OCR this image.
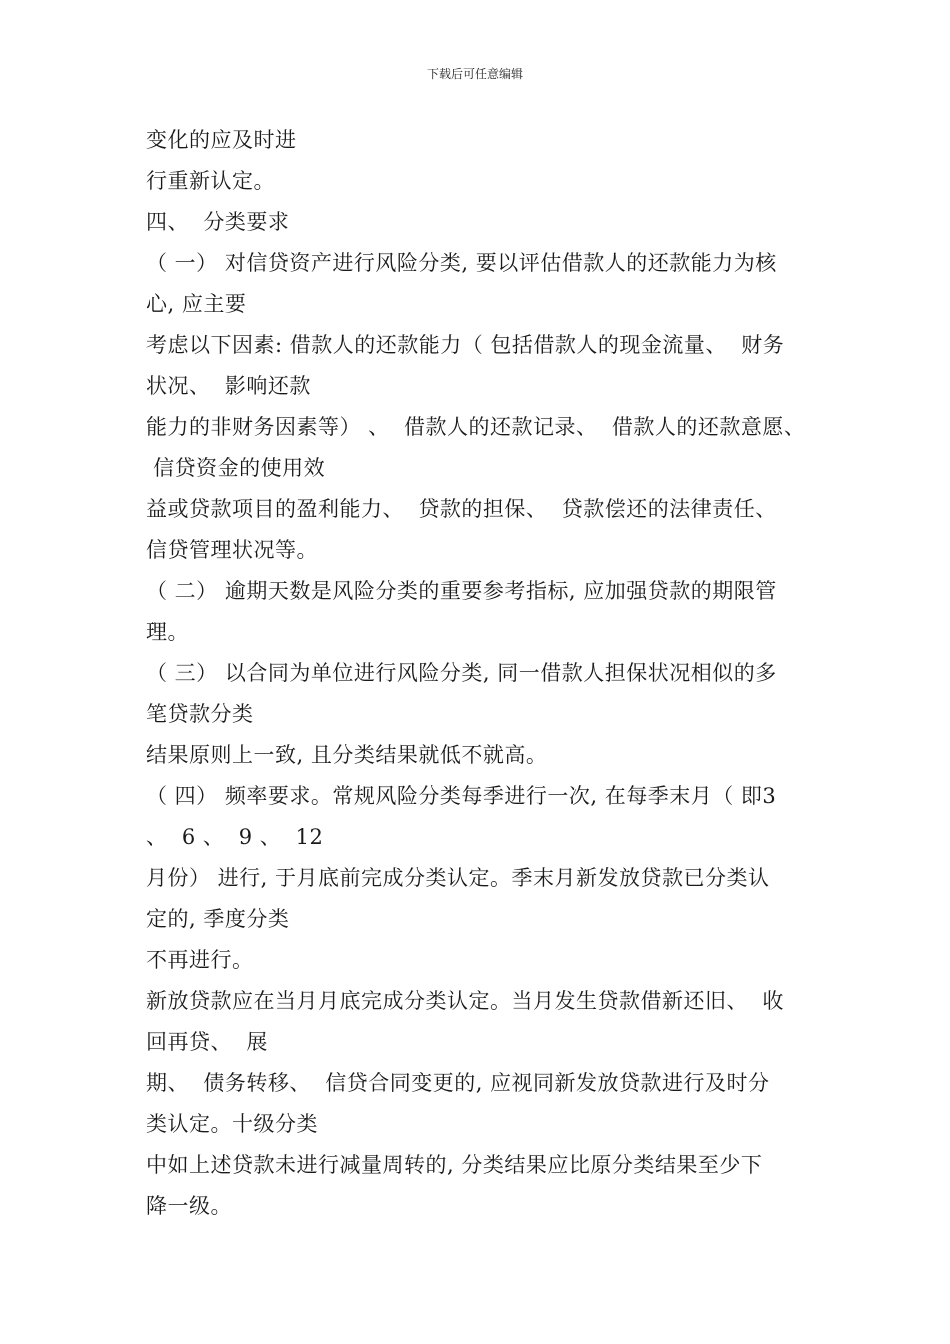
下载后可任意编辑
变化的应及时进
行重新认定。
四、  分类要求
（ 一） 对信贷资产进行风险分类, 要以评估借款人的还款能力为核
心, 应主要
考虑以下因素: 借款人的还款能力（ 包括借款人的现金流量、  财务
状况、  影响还款
能力的非财务因素等） 、  借款人的还款记录、  借款人的还款意愿、
信贷资金的使用效
益或贷款项目的盈利能力、  贷款的担保、  贷款偿还的法律责任、
信贷管理状况等。
（ 二） 逾期天数是风险分类的重要参考指标, 应加强贷款的期限管
理。
（ 三） 以合同为单位进行风险分类, 同一借款人担保状况相似的多
笔贷款分类
结果原则上一致, 且分类结果就低不就高。
（ 四） 频率要求。常规风险分类每季进行一次, 在每季末月（ 即3
、  6 、  9 、  12
月份） 进行, 于月底前完成分类认定。季末月新发放贷款已分类认
定的, 季度分类
不再进行。
新放贷款应在当月月底完成分类认定。当月发生贷款借新还旧、  收
回再贷、  展
期、  债务转移、  信贷合同变更的, 应视同新发放贷款进行及时分
类认定。十级分类
中如上述贷款未进行减量周转的, 分类结果应比原分类结果至少下
降一级。
